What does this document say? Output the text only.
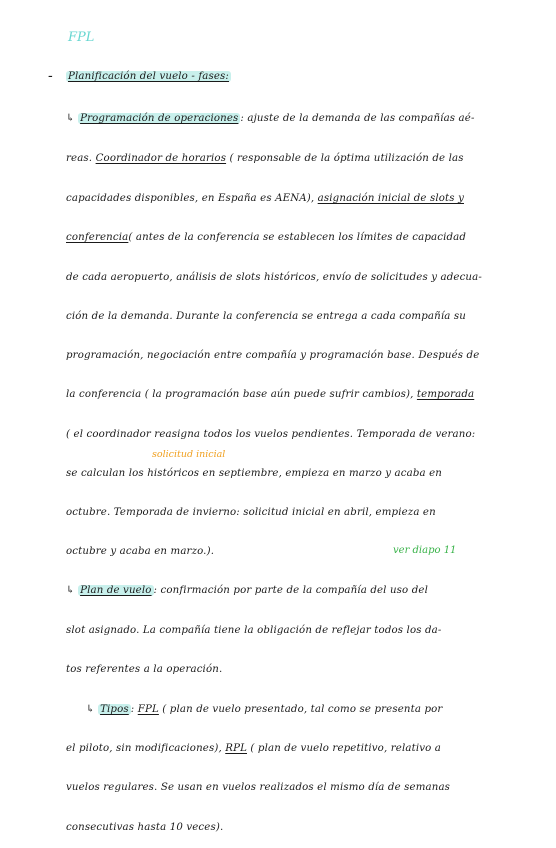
FPL
- Planificación del vuelo - fases:
↳ Programación de operaciones : ajuste de la demanda de las compañías aé-
reas. Coordinador de horarios ( responsable de la óptima utilización de las
capacidades disponibles, en España es AENA), asignación inicial de slots y
conferencia( antes de la conferencia se establecen los límites de capacidad
de cada aeropuerto, análisis de slots históricos, envío de solicitudes y adecua-
ción de la demanda. Durante la conferencia se entrega a cada compañía su
programación, negociación entre compañía y programación base. Después de
la conferencia ( la programación base aún puede sufrir cambios), temporada
( el coordinador reasigna todos los vuelos pendientes. Temporada de verano:
solicitud inicial
se calculan los históricos en septiembre, empieza en marzo y acaba en
octubre. Temporada de invierno: solicitud inicial en abril, empieza en
octubre y acaba en marzo.).	ver diapo 11
↳ Plan de vuelo : confirmación por parte de la compañía del uso del
slot asignado. La compañía tiene la obligación de reflejar todos los da-
tos referentes a la operación.
↳ Tipos : FPL ( plan de vuelo presentado, tal como se presenta por
el piloto, sin modificaciones), RPL ( plan de vuelo repetitivo, relativo a
vuelos regulares. Se usan en vuelos realizados el mismo día de semanas
consecutivas hasta 10 veces).
